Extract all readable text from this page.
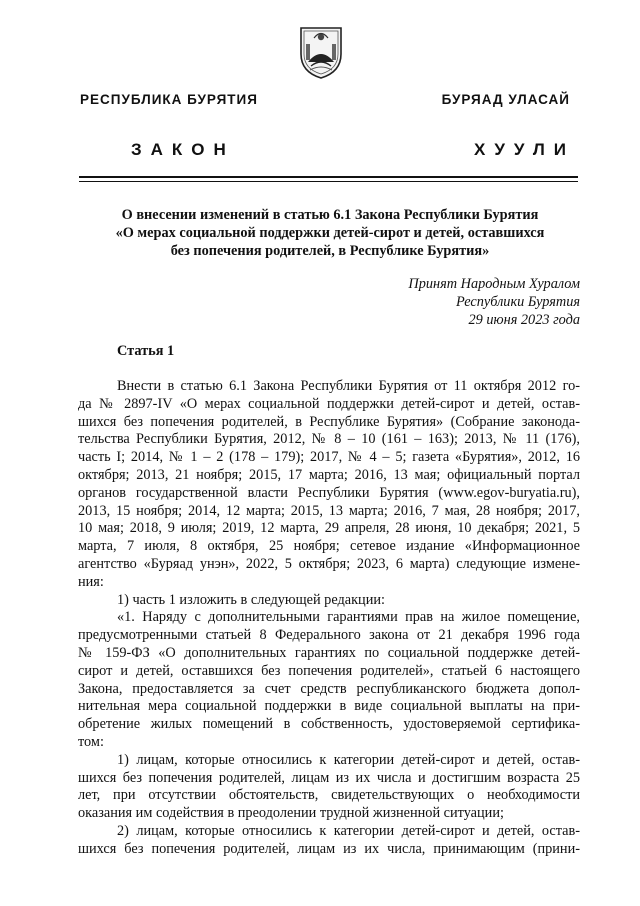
РЕСПУБЛИКА БУРЯТИЯ	БУРЯАД УЛАСАЙ
ЗАКОН	ХУУЛИ
О внесении изменений в статью 6.1 Закона Республики Бурятия
«О мерах социальной поддержки детей-сирот и детей, оставшихся
без попечения родителей, в Республике Бурятия»
Принят Народным Хуралом
Республики Бурятия
29 июня 2023 года
Статья 1
Внести в статью 6.1 Закона Республики Бурятия от 11 октября 2012 го-
да № 2897-IV «О мерах социальной поддержки детей-сирот и детей, остав-
шихся без попечения родителей, в Республике Бурятия» (Собрание законода-
тельства Республики Бурятия, 2012, № 8 – 10 (161 – 163); 2013, № 11 (176),
часть I; 2014, № 1 – 2 (178 – 179); 2017, № 4 – 5; газета «Бурятия», 2012, 16
октября; 2013, 21 ноября; 2015, 17 марта; 2016, 13 мая; официальный портал
органов государственной власти Республики Бурятия (www.egov-buryatia.ru),
2013, 15 ноября; 2014, 12 марта; 2015, 13 марта; 2016, 7 мая, 28 ноября; 2017,
10 мая; 2018, 9 июля; 2019, 12 марта, 29 апреля, 28 июня, 10 декабря; 2021, 5
марта, 7 июля, 8 октября, 25 ноября; сетевое издание «Информационное
агентство «Буряад унэн», 2022, 5 октября; 2023, 6 марта) следующие измене-
ния:
1) часть 1 изложить в следующей редакции:
«1. Наряду с дополнительными гарантиями прав на жилое помещение,
предусмотренными статьей 8 Федерального закона от 21 декабря 1996 года
№ 159-ФЗ «О дополнительных гарантиях по социальной поддержке детей-
сирот и детей, оставшихся без попечения родителей», статьей 6 настоящего
Закона, предоставляется за счет средств республиканского бюджета допол-
нительная мера социальной поддержки в виде социальной выплаты на при-
обретение жилых помещений в собственность, удостоверяемой сертифика-
том:
1) лицам, которые относились к категории детей-сирот и детей, остав-
шихся без попечения родителей, лицам из их числа и достигшим возраста 25
лет, при отсутствии обстоятельств, свидетельствующих о необходимости
оказания им содействия в преодолении трудной жизненной ситуации;
2) лицам, которые относились к категории детей-сирот и детей, остав-
шихся без попечения родителей, лицам из их числа, принимающим (прини-
